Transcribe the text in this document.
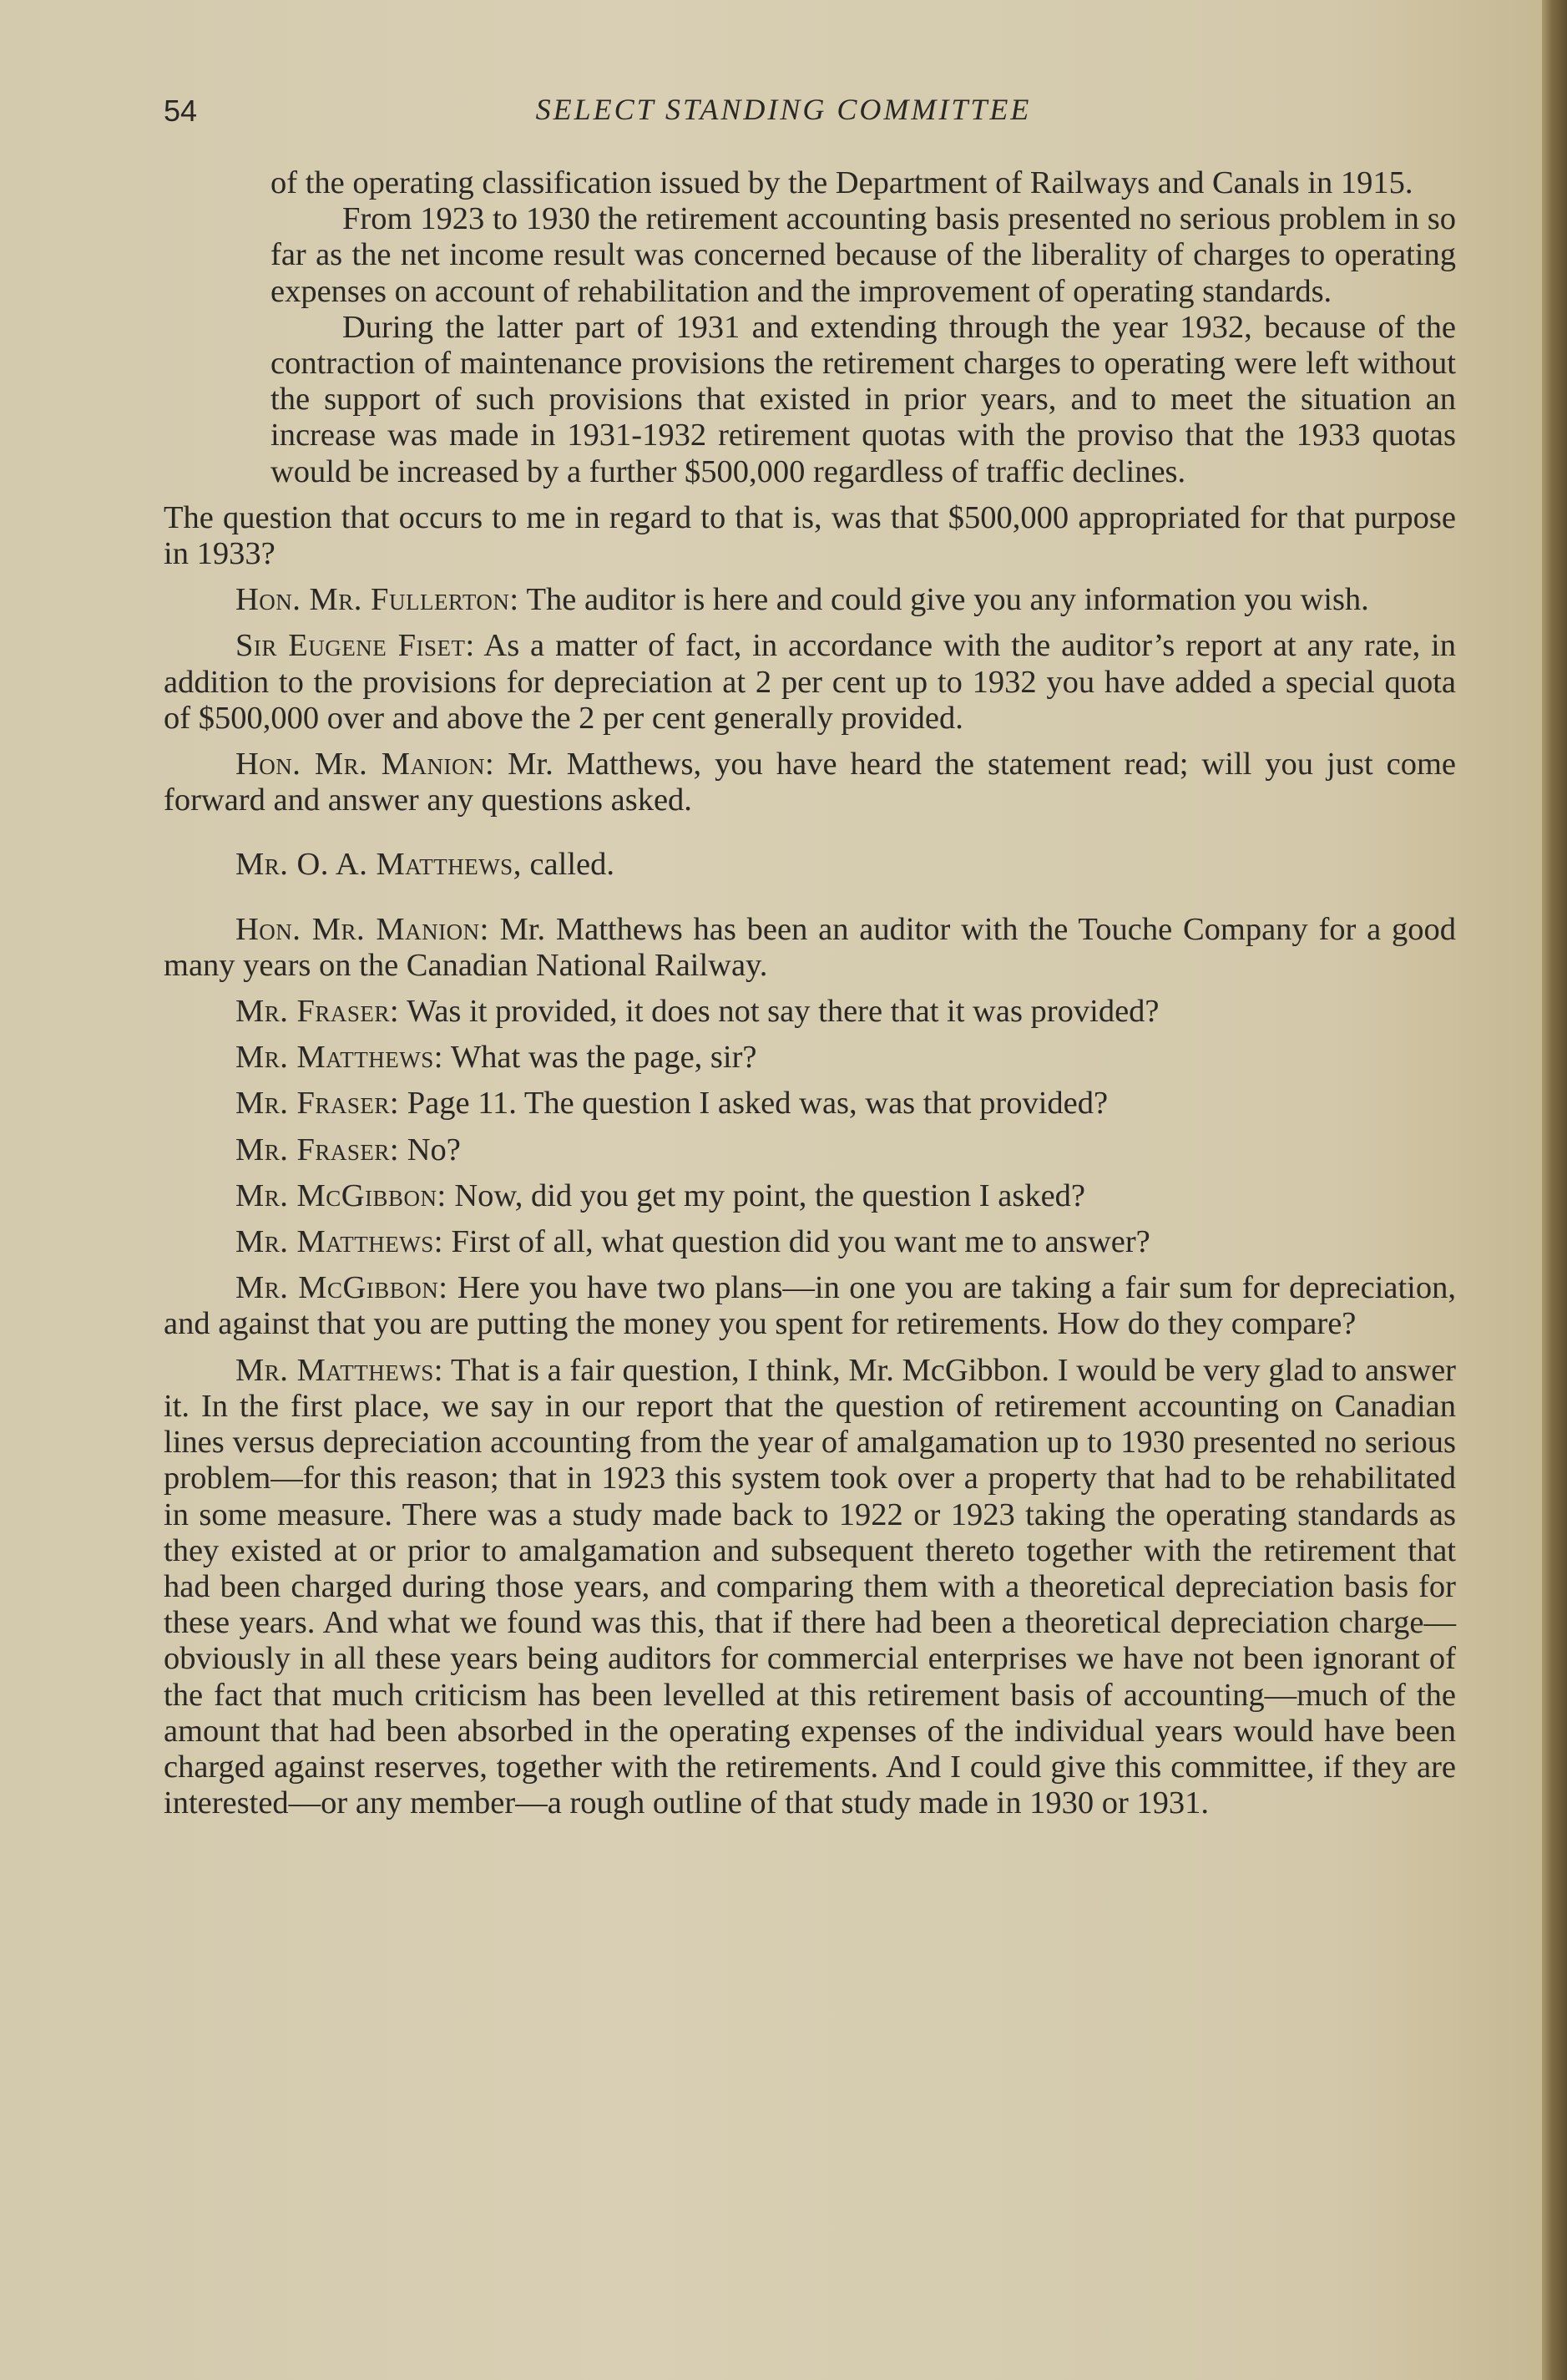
54	SELECT STANDING COMMITTEE

of the operating classification issued by the Department of Railways and Canals in 1915.

From 1923 to 1930 the retirement accounting basis presented no serious problem in so far as the net income result was concerned because of the liberality of charges to operating expenses on account of rehabilitation and the improvement of operating standards.

During the latter part of 1931 and extending through the year 1932, because of the contraction of maintenance provisions the retirement charges to operating were left without the support of such provisions that existed in prior years, and to meet the situation an increase was made in 1931-1932 retirement quotas with the proviso that the 1933 quotas would be increased by a further $500,000 regardless of traffic declines.

The question that occurs to me in regard to that is, was that $500,000 appropriated for that purpose in 1933?

Hon. Mr. Fullerton: The auditor is here and could give you any information you wish.

Sir Eugene Fiset: As a matter of fact, in accordance with the auditor’s report at any rate, in addition to the provisions for depreciation at 2 per cent up to 1932 you have added a special quota of $500,000 over and above the 2 per cent generally provided.

Hon. Mr. Manion: Mr. Matthews, you have heard the statement read; will you just come forward and answer any questions asked.

Mr. O. A. Matthews, called.

Hon. Mr. Manion: Mr. Matthews has been an auditor with the Touche Company for a good many years on the Canadian National Railway.

Mr. Fraser: Was it provided, it does not say there that it was provided?

Mr. Matthews: What was the page, sir?

Mr. Fraser: Page 11. The question I asked was, was that provided?

Mr. Fraser: No?

Mr. McGibbon: Now, did you get my point, the question I asked?

Mr. Matthews: First of all, what question did you want me to answer?

Mr. McGibbon: Here you have two plans—in one you are taking a fair sum for depreciation, and against that you are putting the money you spent for retirements. How do they compare?

Mr. Matthews: That is a fair question, I think, Mr. McGibbon. I would be very glad to answer it. In the first place, we say in our report that the question of retirement accounting on Canadian lines versus depreciation accounting from the year of amalgamation up to 1930 presented no serious problem—for this reason; that in 1923 this system took over a property that had to be rehabilitated in some measure. There was a study made back to 1922 or 1923 taking the operating standards as they existed at or prior to amalgamation and subsequent thereto together with the retirement that had been charged during those years, and comparing them with a theoretical depreciation basis for these years. And what we found was this, that if there had been a theoretical depreciation charge—obviously in all these years being auditors for commercial enterprises we have not been ignorant of the fact that much criticism has been levelled at this retirement basis of accounting—much of the amount that had been absorbed in the operating expenses of the individual years would have been charged against reserves, together with the retirements. And I could give this committee, if they are interested—or any member—a rough outline of that study made in 1930 or 1931.
